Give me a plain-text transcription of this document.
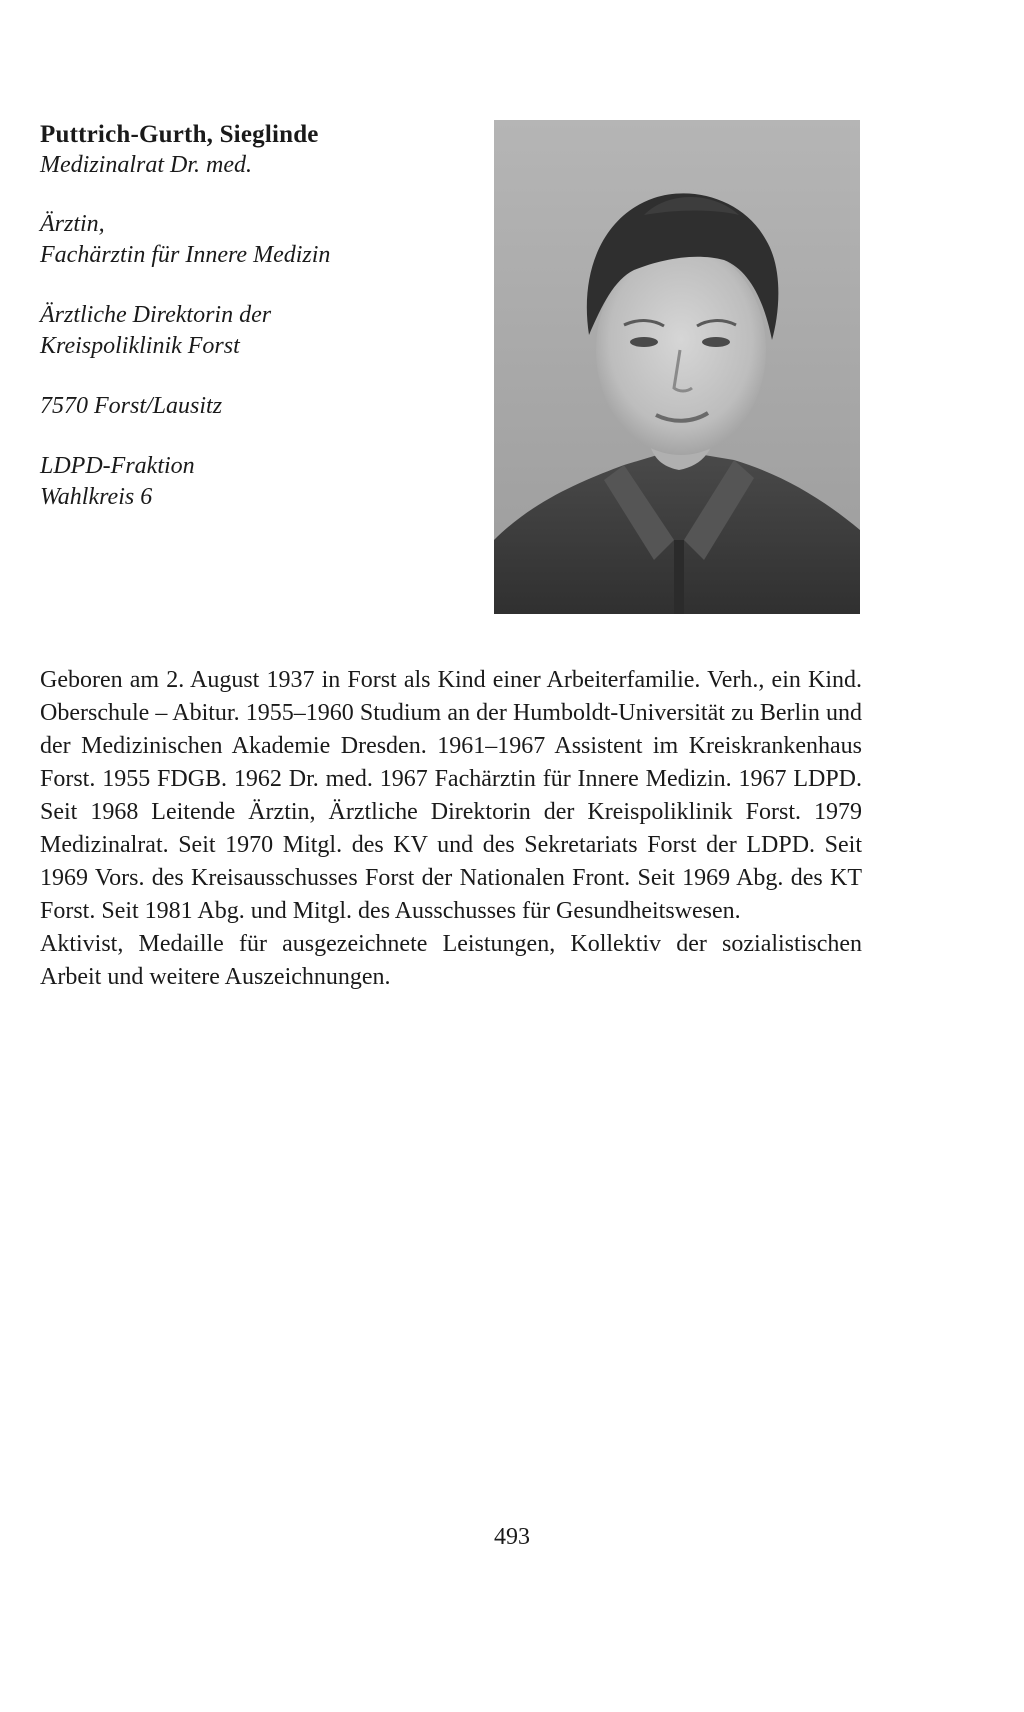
Puttrich-Gurth, Sieglinde

Medizinalrat Dr. med.

Ärztin,

Fachärztin für Innere Medizin

Ärztliche Direktorin der

Kreispoliklinik Forst

7570 Forst/Lausitz

LDPD-Fraktion

Wahlkreis 6

Geboren am 2. August 1937 in Forst als Kind einer Arbeiterfamilie. Verh., ein Kind. Oberschule – Abitur. 1955–1960 Studium an der Humboldt-Universität zu Berlin und der Medizinischen Akademie Dresden. 1961–1967 Assistent im Kreiskrankenhaus Forst. 1955 FDGB. 1962 Dr. med. 1967 Fachärztin für Innere Medizin. 1967 LDPD. Seit 1968 Leitende Ärztin, Ärztliche Direktorin der Kreispoliklinik Forst. 1979 Medizinalrat. Seit 1970 Mitgl. des KV und des Sekretariats Forst der LDPD. Seit 1969 Vors. des Kreisausschusses Forst der Nationalen Front. Seit 1969 Abg. des KT Forst. Seit 1981 Abg. und Mitgl. des Ausschusses für Gesundheitswesen.

Aktivist, Medaille für ausgezeichnete Leistungen, Kollektiv der sozialistischen Arbeit und weitere Auszeichnungen.

493
